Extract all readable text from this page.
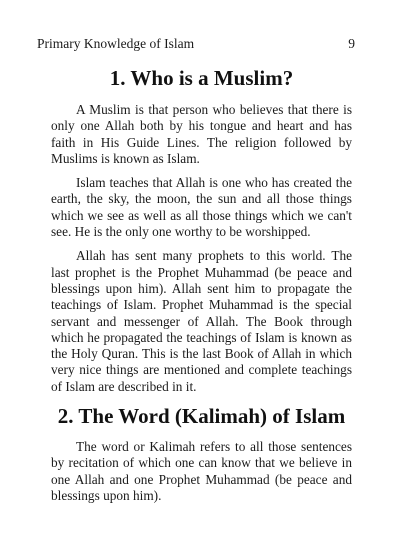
Primary Knowledge of Islam	9
1. Who is a Muslim?

A Muslim is that person who believes that there is only one Allah both by his tongue and heart and has faith in His Guide Lines. The religion followed by Muslims is known as Islam.

Islam teaches that Allah is one who has created the earth, the sky, the moon, the sun and all those things which we see as well as all those things which we can't see. He is the only one worthy to be worshipped.

Allah has sent many prophets to this world. The last prophet is the Prophet Muhammad (be peace and blessings upon him). Allah sent him to propagate the teachings of Islam. Prophet Muhammad is the special servant and messenger of Allah. The Book through which he propagated the teachings of Islam is known as the Holy Quran. This is the last Book of Allah in which very nice things are mentioned and complete teachings of Islam are described in it.

2. The Word (Kalimah) of Islam

The word or Kalimah refers to all those sentences by recitation of which one can know that we believe in one Allah and one Prophet Muhammad (be peace and blessings upon him).
